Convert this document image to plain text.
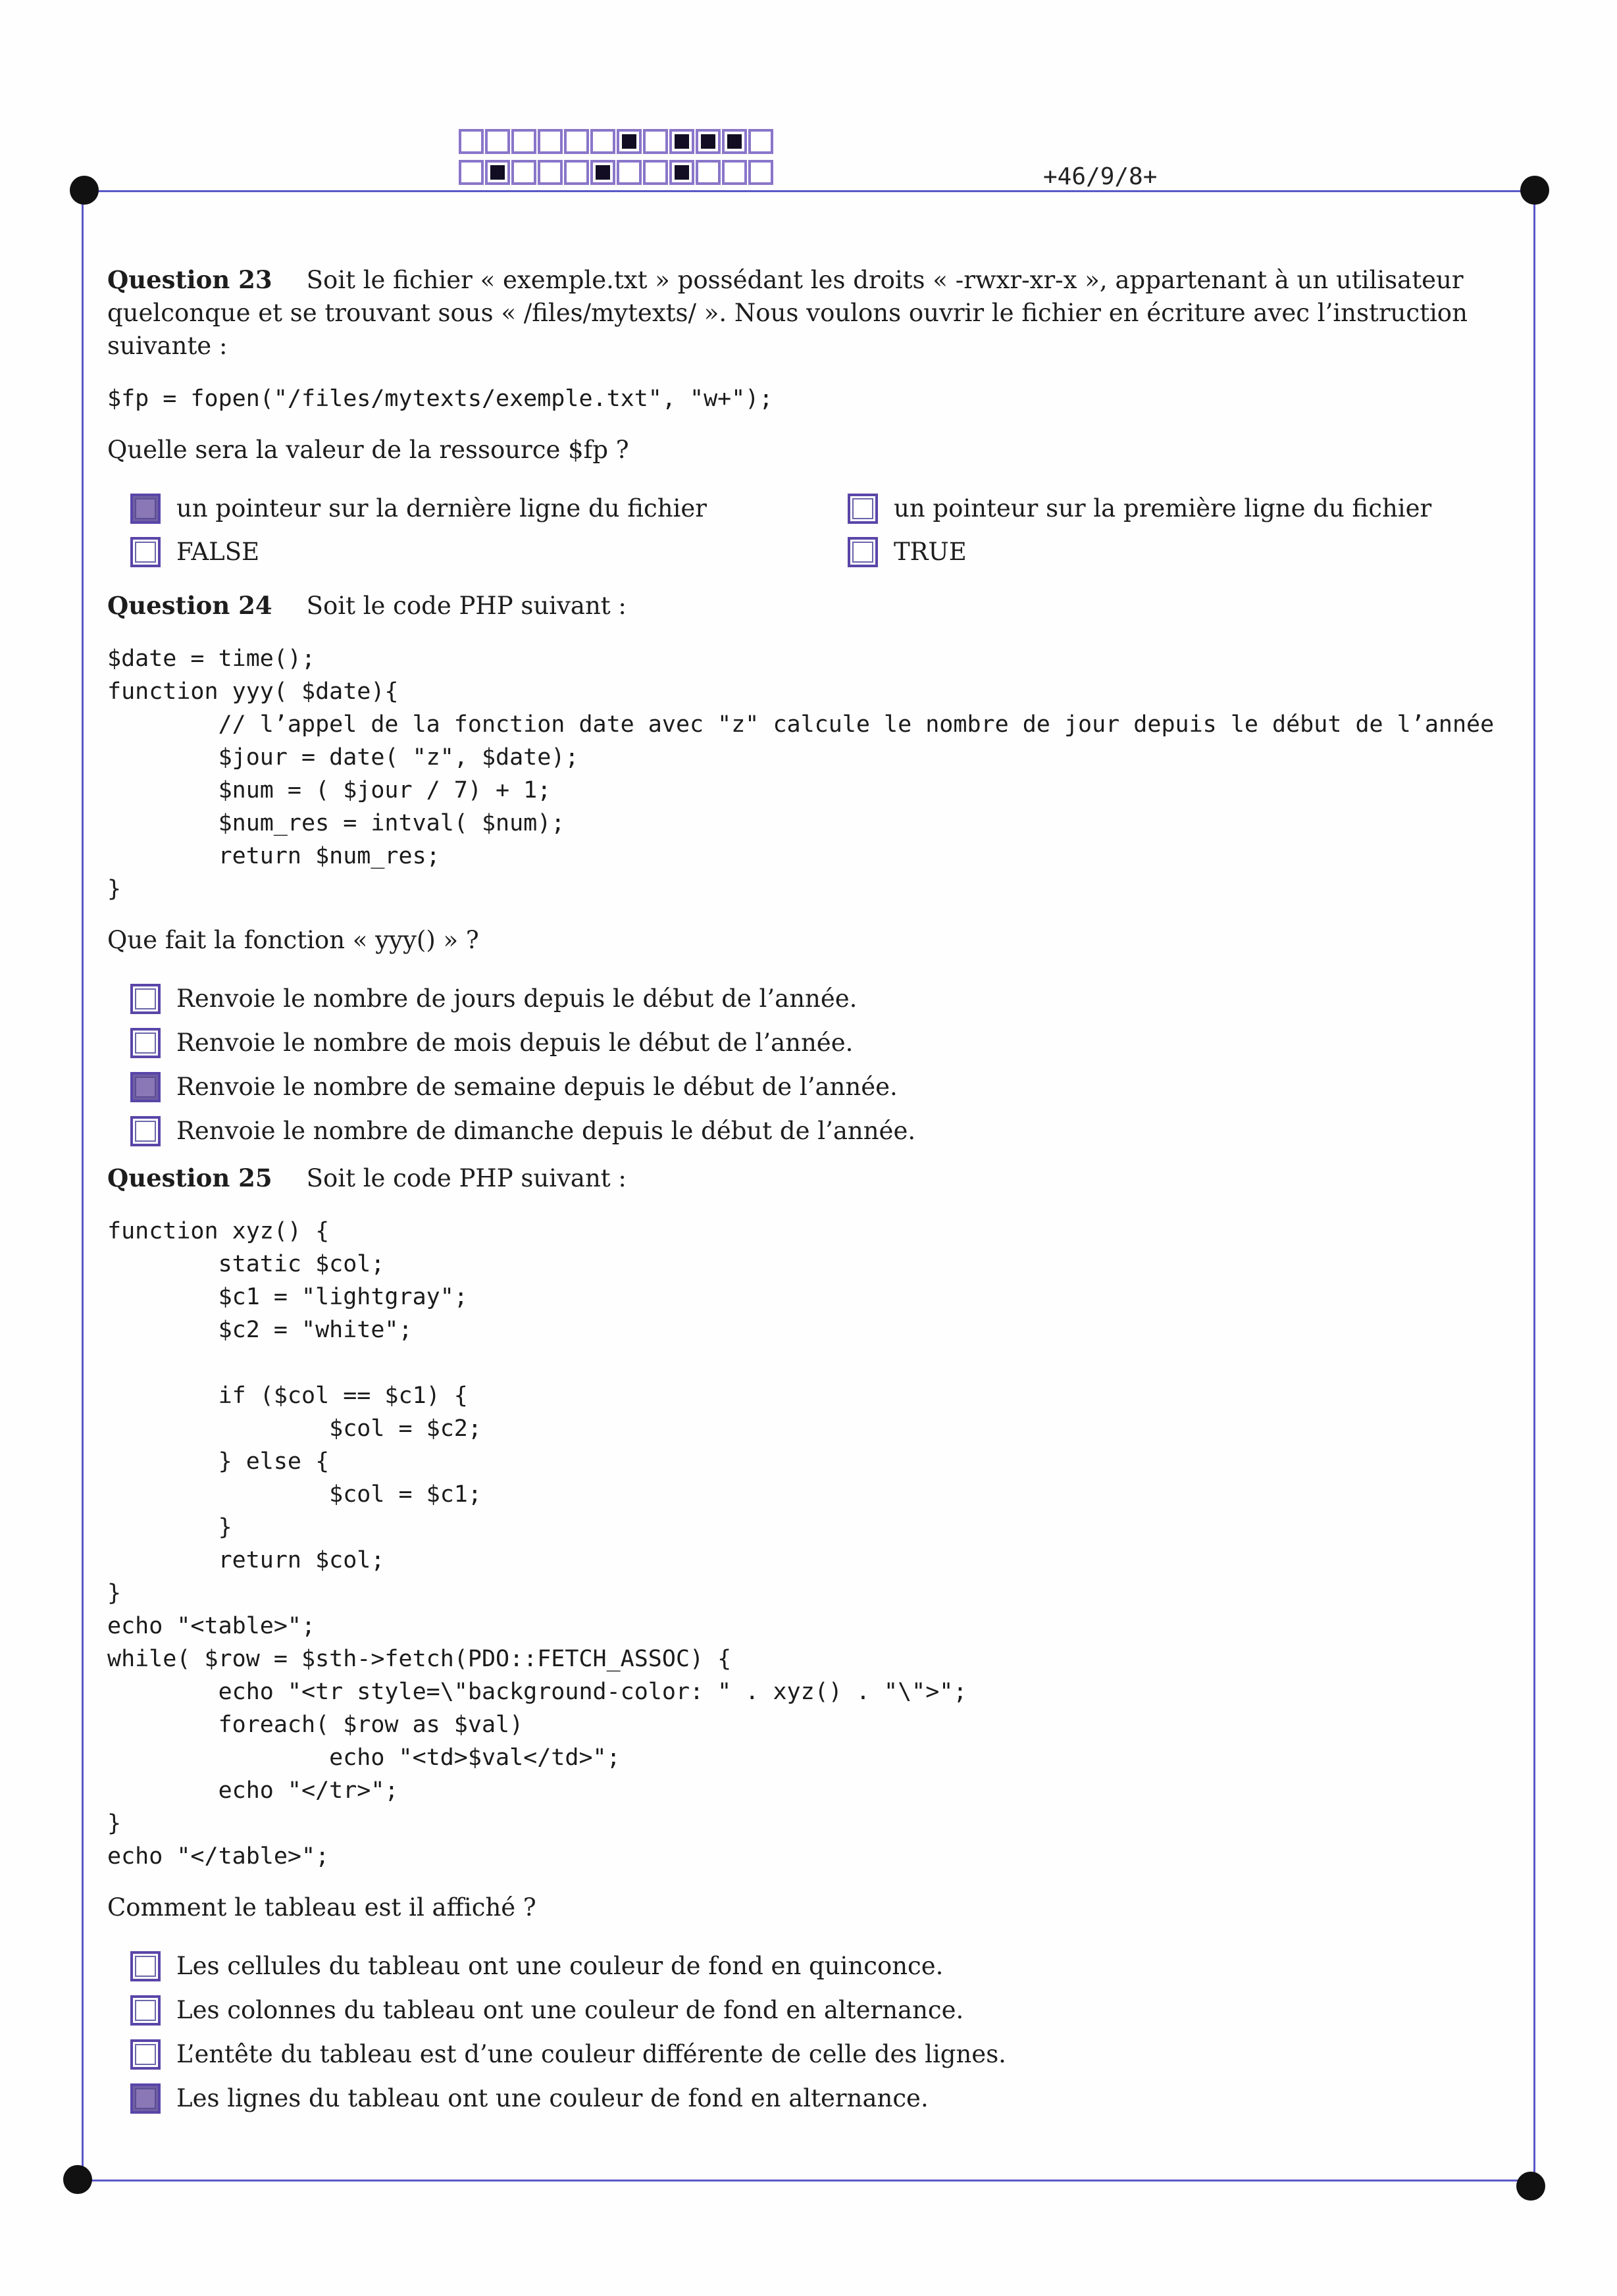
+46/9/8+

Question 23 Soit le fichier « exemple.txt » possédant les droits « -rwxr-xr-x », appartenant à un utilisateur quelconque et se trouvant sous « /files/mytexts/ ». Nous voulons ouvrir le fichier en écriture avec l’instruction suivante :

$fp = fopen("/files/mytexts/exemple.txt", "w+");

Quelle sera la valeur de la ressource $fp ?

un pointeur sur la dernière ligne du fichier	un pointeur sur la première ligne du fichier
FALSE	TRUE

Question 24 Soit le code PHP suivant :

$date = time();
function yyy( $date){
// l’appel de la fonction date avec "z" calcule le nombre de jour depuis le début de l’année
$jour = date( "z", $date);
$num = ( $jour / 7) + 1;
$num_res = intval( $num);
return $num_res;
}

Que fait la fonction « yyy() » ?

Renvoie le nombre de jours depuis le début de l’année.
Renvoie le nombre de mois depuis le début de l’année.
Renvoie le nombre de semaine depuis le début de l’année.
Renvoie le nombre de dimanche depuis le début de l’année.

Question 25 Soit le code PHP suivant :

function xyz() {
static $col;
$c1 = "lightgray";
$c2 = "white";

if ($col == $c1) {
$col = $c2;
} else {
$col = $c1;
}
return $col;
}
echo "<table>";
while( $row = $sth->fetch(PDO::FETCH_ASSOC) {
echo "<tr style=\"background-color: " . xyz() . "\">";
foreach( $row as $val)
echo "<td>$val</td>";
echo "</tr>";
}
echo "</table>";

Comment le tableau est il affiché ?

Les cellules du tableau ont une couleur de fond en quinconce.
Les colonnes du tableau ont une couleur de fond en alternance.
L’entête du tableau est d’une couleur différente de celle des lignes.
Les lignes du tableau ont une couleur de fond en alternance.
